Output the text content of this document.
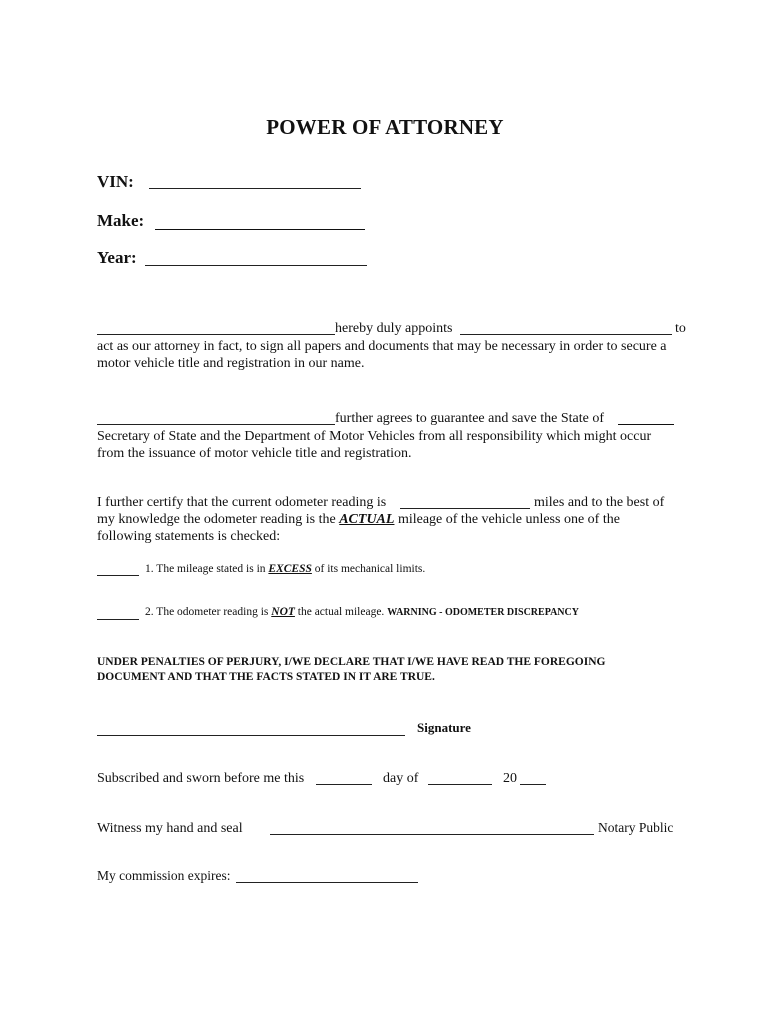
POWER OF ATTORNEY
VIN:
Make:
Year:
hereby duly appoints	to
act as our attorney in fact, to sign all papers and documents that may be necessary in order to secure a
motor vehicle title and registration in our name.
further agrees to guarantee and save the State of
Secretary of State and the Department of Motor Vehicles from all responsibility which might occur
from the issuance of motor vehicle title and registration.
I further certify that the current odometer reading is	miles and to the best of
my knowledge the odometer reading is the ACTUAL mileage of the vehicle unless one of the
following statements is checked:
1. The mileage stated is in EXCESS of its mechanical limits.
2. The odometer reading is NOT the actual mileage. WARNING - ODOMETER DISCREPANCY
UNDER PENALTIES OF PERJURY, I/WE DECLARE THAT I/WE HAVE READ THE FOREGOING
DOCUMENT AND THAT THE FACTS STATED IN IT ARE TRUE.
Signature
Subscribed and sworn before me this	day of	20
Witness my hand and seal	Notary Public
My commission expires:
